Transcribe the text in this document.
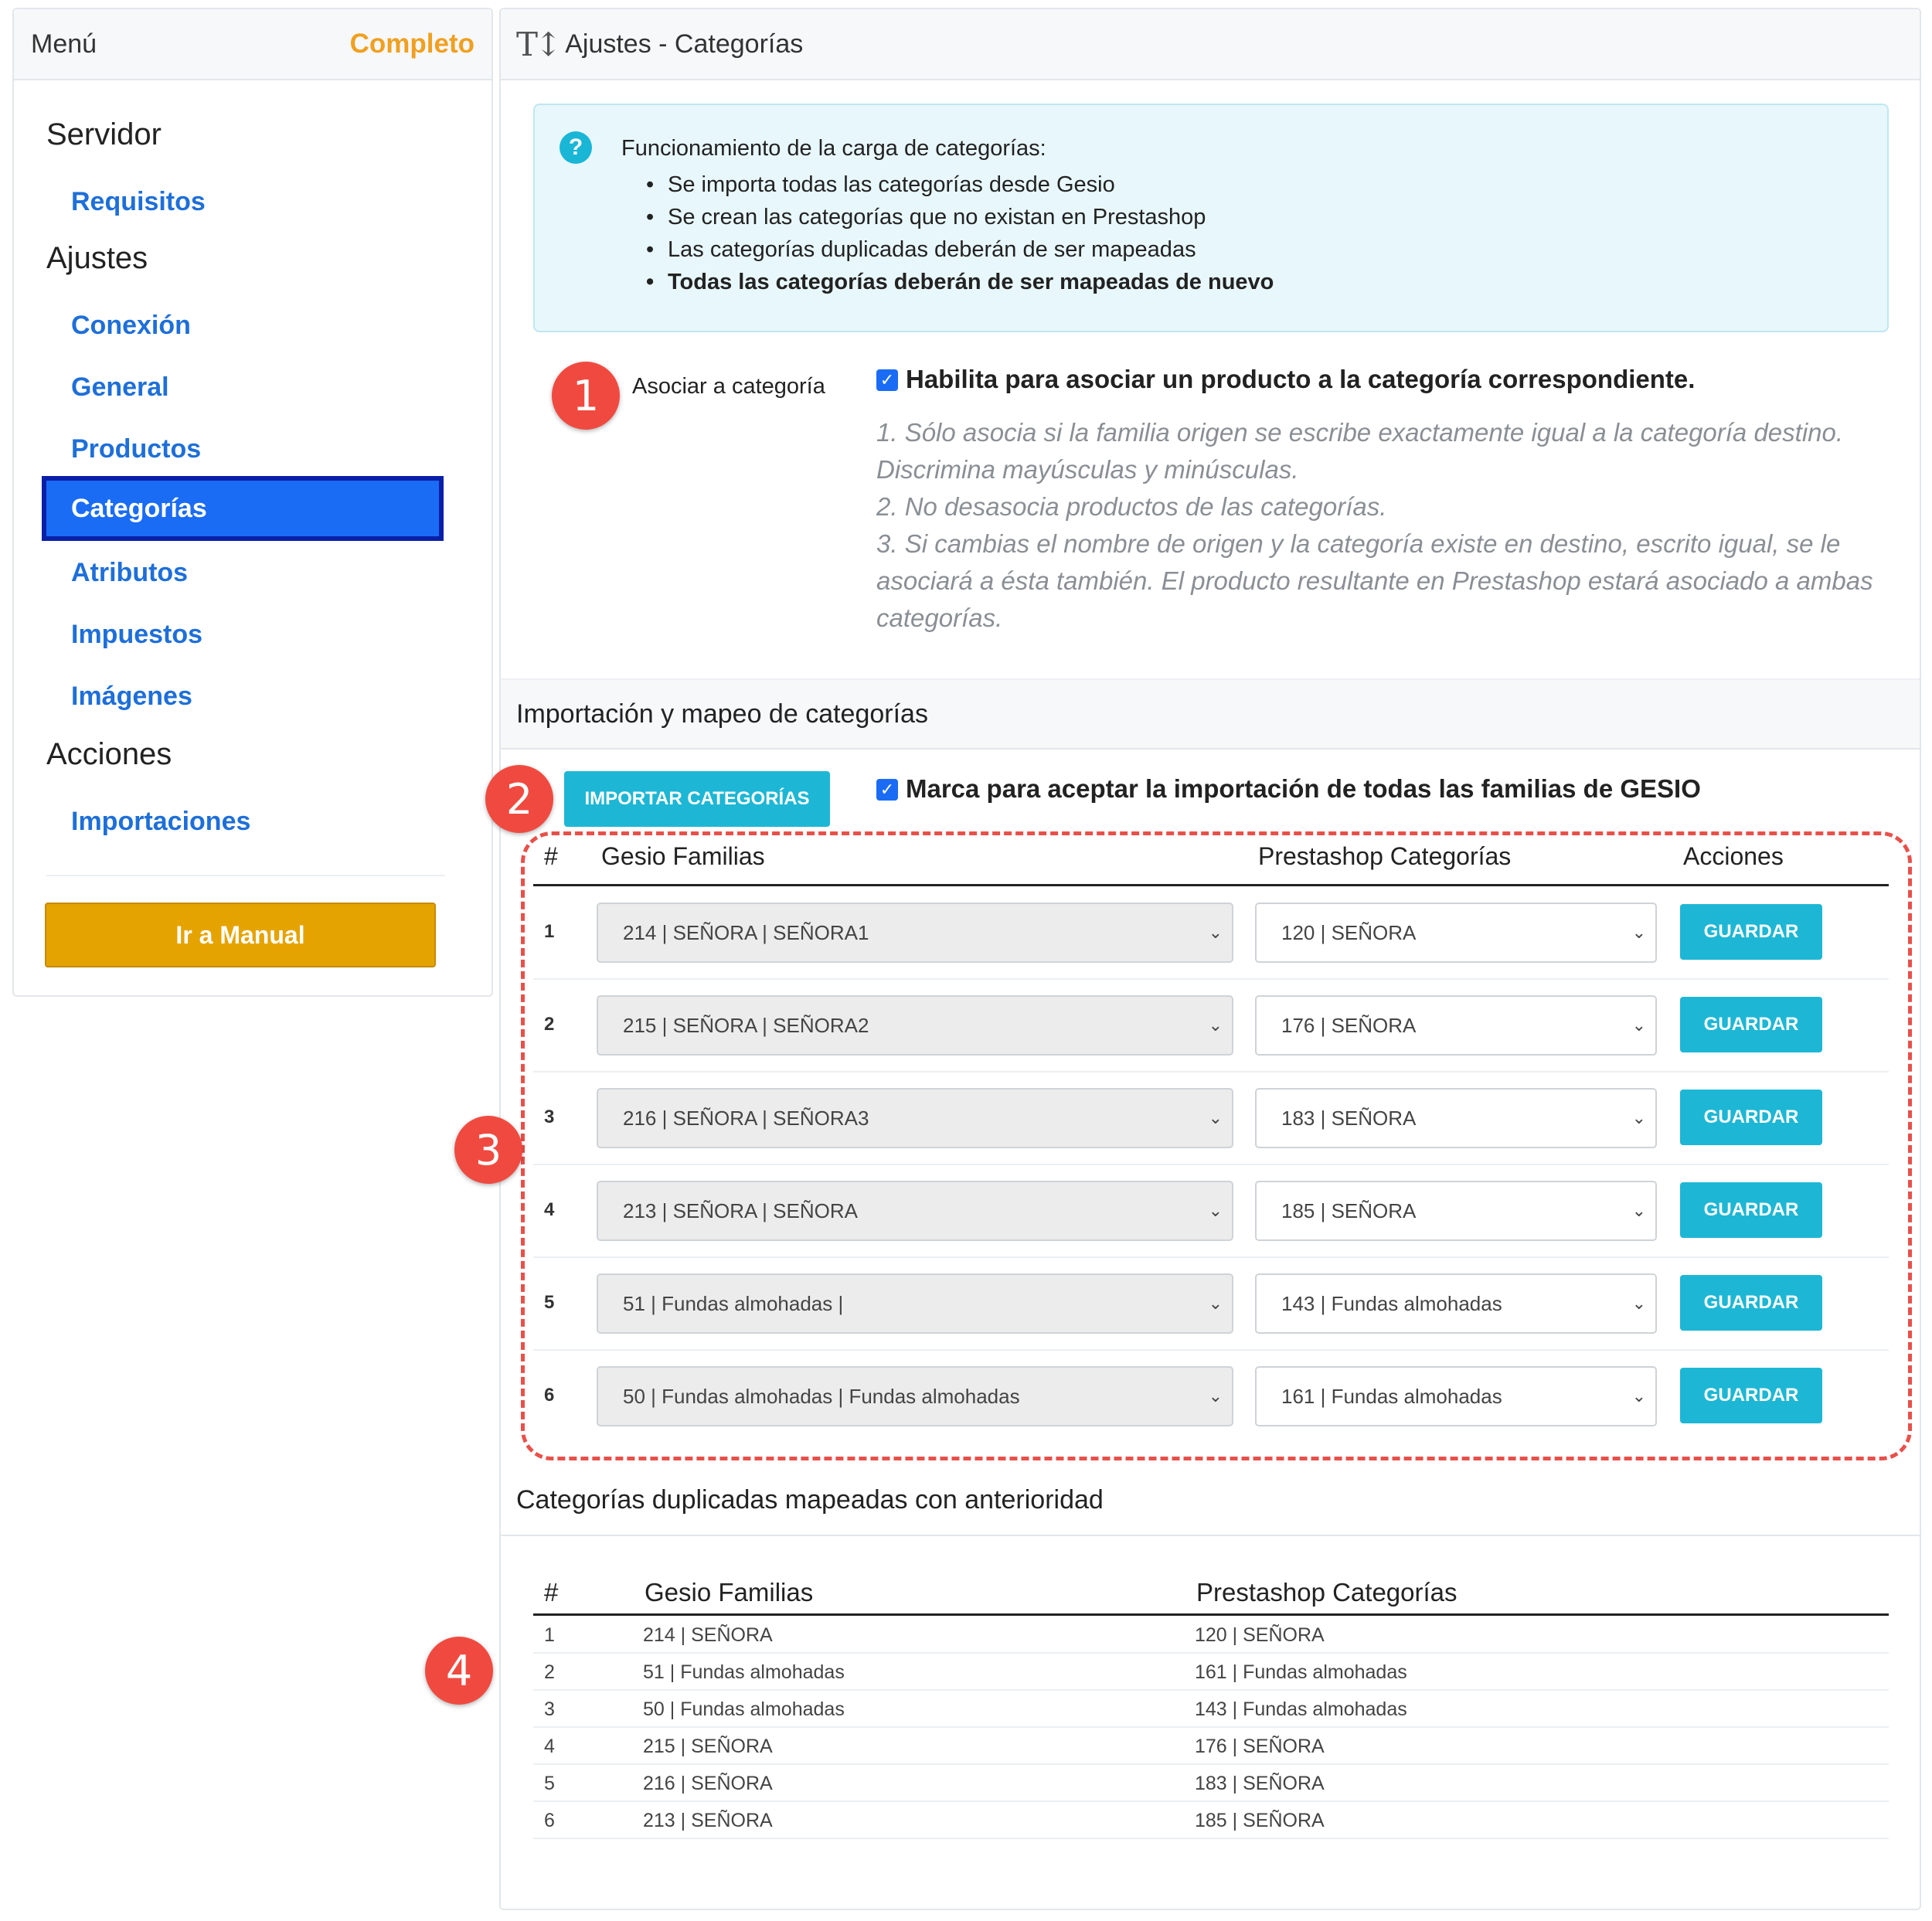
Menú	Completo
Servidor
Requisitos
Ajustes
Conexión
General
Productos
Categorías
Atributos
Impuestos
Imágenes
Acciones
Importaciones
Ir a Manual
T↕ Ajustes - Categorías
?	Funcionamiento de la carga de categorías:
• Se importa todas las categorías desde Gesio
• Se crean las categorías que no existan en Prestashop
• Las categorías duplicadas deberán de ser mapeadas
• Todas las categorías deberán de ser mapeadas de nuevo
1	Asociar a categoría	✓ Habilita para asociar un producto a la categoría correspondiente.

1. Sólo asocia si la familia origen se escribe exactamente igual a la categoría destino. Discrimina mayúsculas y minúsculas.

2. No desasocia productos de las categorías.

3. Si cambias el nombre de origen y la categoría existe en destino, escrito igual, se le asociará a ésta también. El producto resultante en Prestashop estará asociado a ambas categorías.

Importación y mapeo de categorías
2	IMPORTAR CATEGORÍAS	✓ Marca para aceptar la importación de todas las familias de GESIO
3
# Gesio Familias	Prestashop Categorías	Acciones
1	214 | SEÑORA | SEÑORA1	⌄	120 | SEÑORA	⌄	GUARDAR
2	215 | SEÑORA | SEÑORA2	⌄	176 | SEÑORA	⌄	GUARDAR
3	216 | SEÑORA | SEÑORA3	⌄	183 | SEÑORA	⌄	GUARDAR
4	213 | SEÑORA | SEÑORA	⌄	185 | SEÑORA	⌄	GUARDAR
5	51 | Fundas almohadas |	⌄	143 | Fundas almohadas	⌄	GUARDAR
6	50 | Fundas almohadas | Fundas almohadas	⌄	161 | Fundas almohadas	⌄	GUARDAR
Categorías duplicadas mapeadas con anterioridad
4
#	Gesio Familias	Prestashop Categorías
1	214 | SEÑORA	120 | SEÑORA
2	51 | Fundas almohadas	161 | Fundas almohadas
3	50 | Fundas almohadas	143 | Fundas almohadas
4	215 | SEÑORA	176 | SEÑORA
5	216 | SEÑORA	183 | SEÑORA
6	213 | SEÑORA	185 | SEÑORA
